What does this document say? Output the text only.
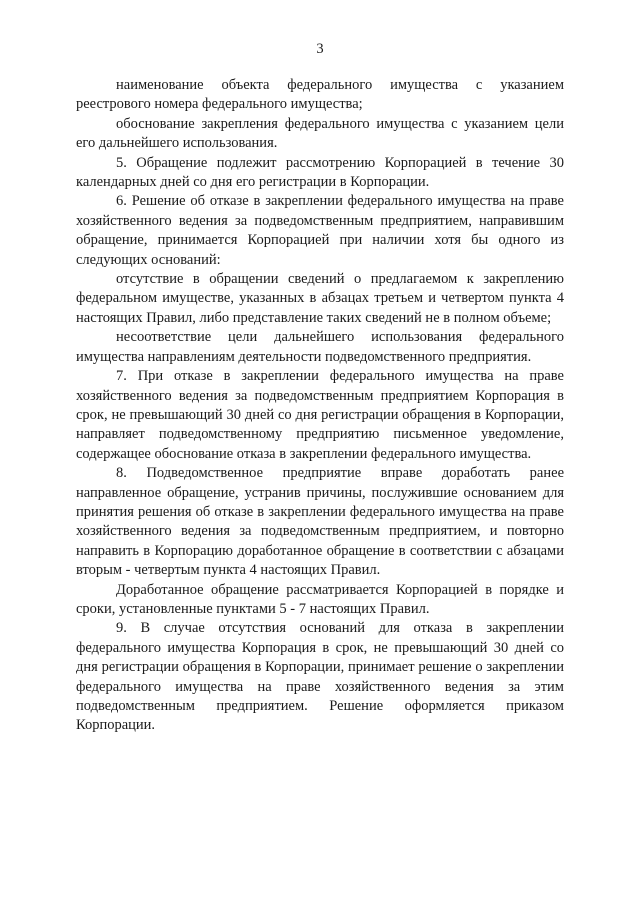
3

наименование объекта федерального имущества с указанием реестрового номера федерального имущества;

обоснование закрепления федерального имущества с указанием цели его дальнейшего использования.

5. Обращение подлежит рассмотрению Корпорацией в течение 30 календарных дней со дня его регистрации в Корпорации.

6. Решение об отказе в закреплении федерального имущества на праве хозяйственного ведения за подведомственным предприятием, направившим обращение, принимается Корпорацией при наличии хотя бы одного из следующих оснований:

отсутствие в обращении сведений о предлагаемом к закреплению федеральном имуществе, указанных в абзацах третьем и четвертом пункта 4 настоящих Правил, либо представление таких сведений не в полном объеме;

несоответствие цели дальнейшего использования федерального имущества направлениям деятельности подведомственного предприятия.

7. При отказе в закреплении федерального имущества на праве хозяйственного ведения за подведомственным предприятием Корпорация в срок, не превышающий 30 дней со дня регистрации обращения в Корпорации, направляет подведомственному предприятию письменное уведомление, содержащее обоснование отказа в закреплении федерального имущества.

8. Подведомственное предприятие вправе доработать ранее направленное обращение, устранив причины, послужившие основанием для принятия решения об отказе в закреплении федерального имущества на праве хозяйственного ведения за подведомственным предприятием, и повторно направить в Корпорацию доработанное обращение в соответствии с абзацами вторым - четвертым пункта 4 настоящих Правил.

Доработанное обращение рассматривается Корпорацией в порядке и сроки, установленные пунктами 5 - 7 настоящих Правил.

9. В случае отсутствия оснований для отказа в закреплении федерального имущества Корпорация в срок, не превышающий 30 дней со дня регистрации обращения в Корпорации, принимает решение о закреплении федерального имущества на праве хозяйственного ведения за этим подведомственным предприятием. Решение оформляется приказом Корпорации.
